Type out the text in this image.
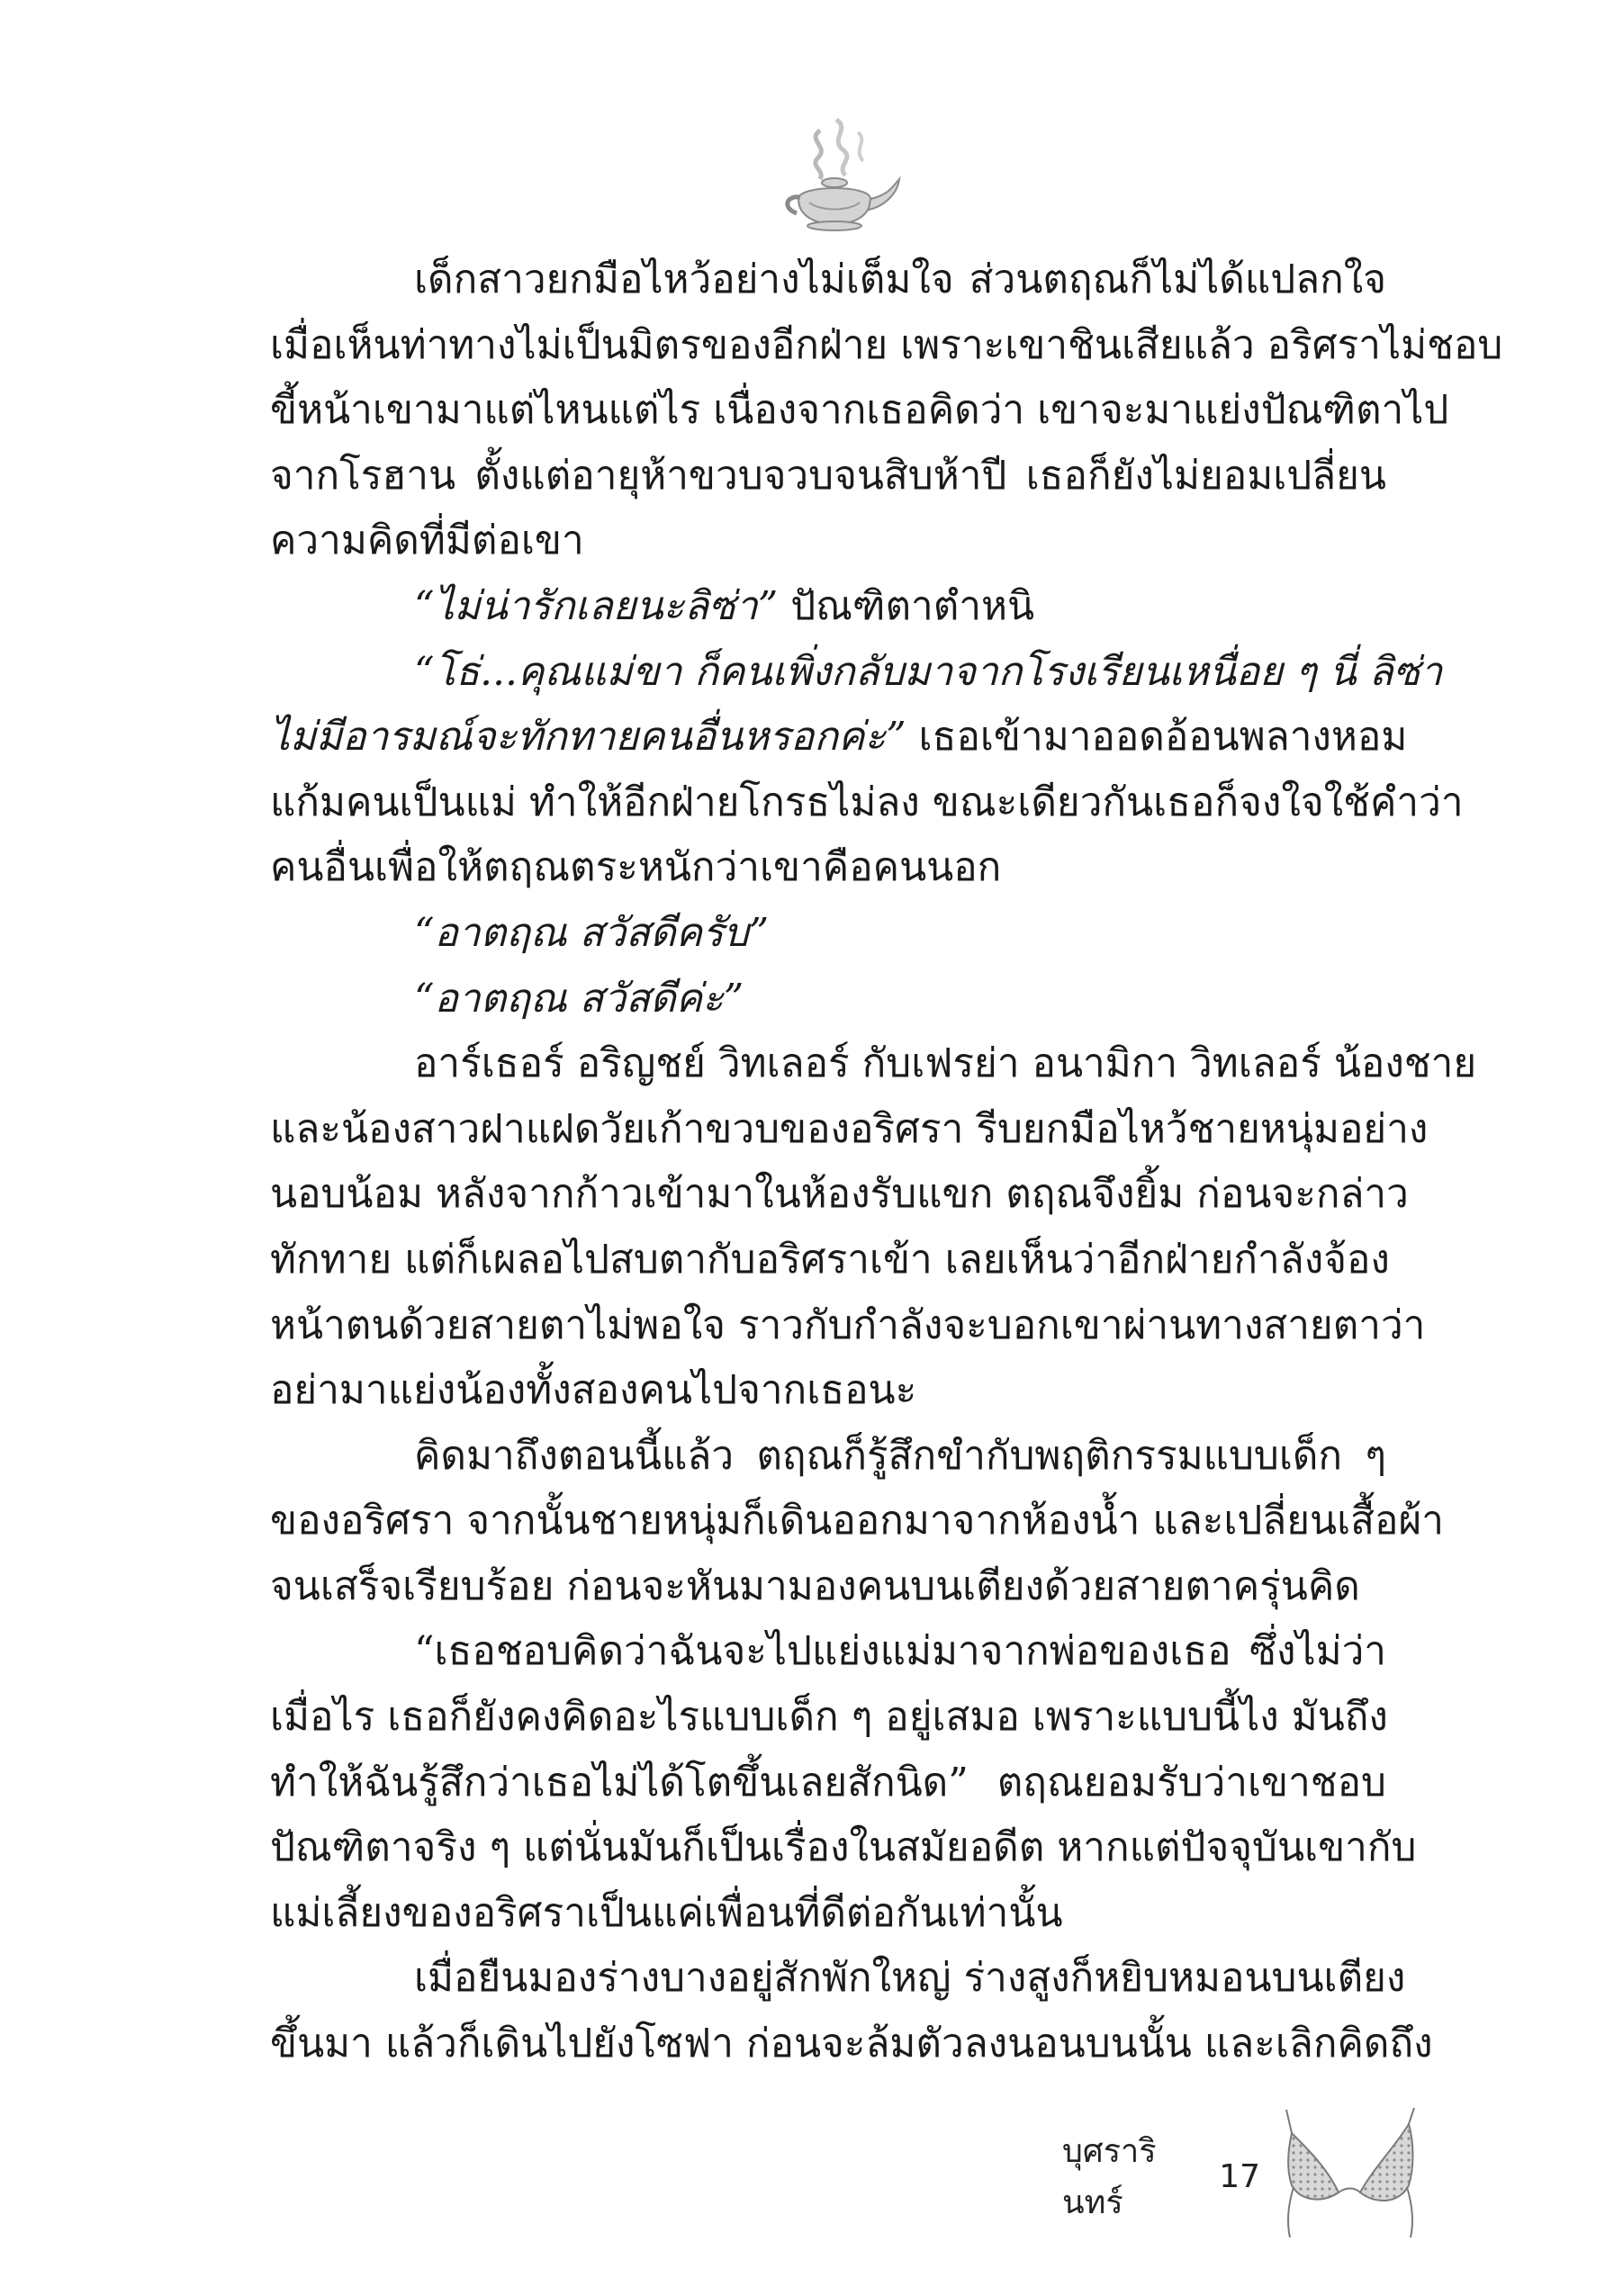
เด็กสาวยกมือไหว้อย่างไม่เต็มใจ ส่วนตฤณก็ไม่ได้แปลกใจ
เมื่อเห็นท่าทางไม่เป็นมิตรของอีกฝ่าย เพราะเขาชินเสียแล้ว อริศราไม่ชอบ
ขี้หน้าเขามาแต่ไหนแต่ไร เนื่องจากเธอคิดว่า เขาจะมาแย่งปัณฑิตาไป
จากโรฮาน ตั้งแต่อายุห้าขวบจวบจนสิบห้าปี เธอก็ยังไม่ยอมเปลี่ยน
ความคิดที่มีต่อเขา
“ไม่น่ารักเลยนะลิซ่า” ปัณฑิตาตำหนิ
“โธ่...คุณแม่ขา ก็คนเพิ่งกลับมาจากโรงเรียนเหนื่อย ๆ นี่ ลิซ่า
ไม่มีอารมณ์จะทักทายคนอื่นหรอกค่ะ” เธอเข้ามาออดอ้อนพลางหอม
แก้มคนเป็นแม่ ทำให้อีกฝ่ายโกรธไม่ลง ขณะเดียวกันเธอก็จงใจใช้คำว่า
คนอื่นเพื่อให้ตฤณตระหนักว่าเขาคือคนนอก
“อาตฤณ สวัสดีครับ”
“อาตฤณ สวัสดีค่ะ”
อาร์เธอร์ อริญชย์ วิทเลอร์ กับเฟรย่า อนามิกา วิทเลอร์ น้องชาย
และน้องสาวฝาแฝดวัยเก้าขวบของอริศรา รีบยกมือไหว้ชายหนุ่มอย่าง
นอบน้อม หลังจากก้าวเข้ามาในห้องรับแขก ตฤณจึงยิ้ม ก่อนจะกล่าว
ทักทาย แต่ก็เผลอไปสบตากับอริศราเข้า เลยเห็นว่าอีกฝ่ายกำลังจ้อง
หน้าตนด้วยสายตาไม่พอใจ ราวกับกำลังจะบอกเขาผ่านทางสายตาว่า
อย่ามาแย่งน้องทั้งสองคนไปจากเธอนะ
คิดมาถึงตอนนี้แล้ว ตฤณก็รู้สึกขำกับพฤติกรรมแบบเด็ก ๆ
ของอริศรา จากนั้นชายหนุ่มก็เดินออกมาจากห้องน้ำ และเปลี่ยนเสื้อผ้า
จนเสร็จเรียบร้อย ก่อนจะหันมามองคนบนเตียงด้วยสายตาครุ่นคิด
“เธอชอบคิดว่าฉันจะไปแย่งแม่มาจากพ่อของเธอ ซึ่งไม่ว่า
เมื่อไร เธอก็ยังคงคิดอะไรแบบเด็ก ๆ อยู่เสมอ เพราะแบบนี้ไง มันถึง
ทำให้ฉันรู้สึกว่าเธอไม่ได้โตขึ้นเลยสักนิด” ตฤณยอมรับว่าเขาชอบ
ปัณฑิตาจริง ๆ แต่นั่นมันก็เป็นเรื่องในสมัยอดีต หากแต่ปัจจุบันเขากับ
แม่เลี้ยงของอริศราเป็นแค่เพื่อนที่ดีต่อกันเท่านั้น
เมื่อยืนมองร่างบางอยู่สักพักใหญ่ ร่างสูงก็หยิบหมอนบนเตียง
ขึ้นมา แล้วก็เดินไปยังโซฟา ก่อนจะล้มตัวลงนอนบนนั้น และเลิกคิดถึง
บุศรารินทร์
17
